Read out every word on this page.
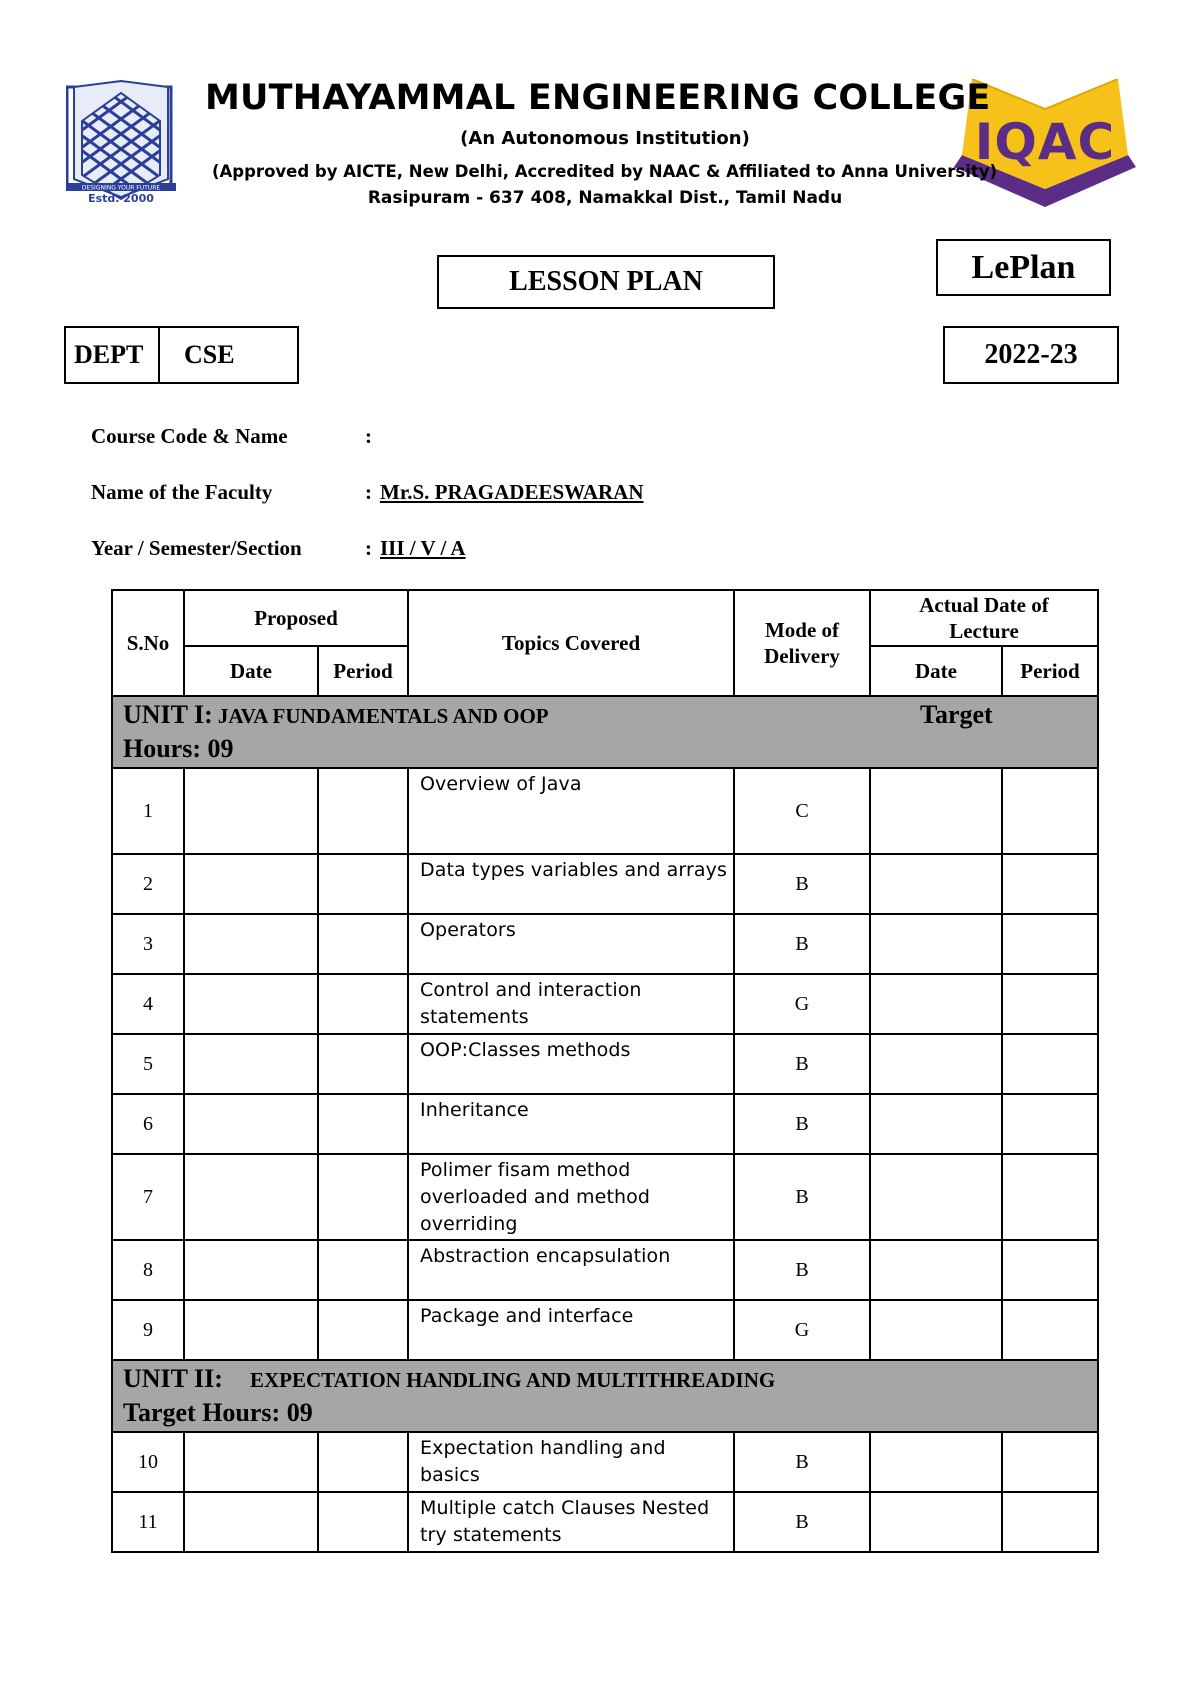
DESIGNING YOUR FUTURE
Estd. 2000
IQAC
MUTHAYAMMAL ENGINEERING COLLEGE
(An Autonomous Institution)
(Approved by AICTE, New Delhi, Accredited by NAAC & Affiliated to Anna University)
Rasipuram - 637 408, Namakkal Dist., Tamil Nadu
LESSON PLAN	LePlan
DEPT	CSE	2022-23
Course Code & Name	:
Name of the Faculty	: Mr.S. PRAGADEESWARAN
Year / Semester/Section	: III / V / A
S.No	Proposed		Topics Covered	Mode of Delivery	Actual Date of Lecture	
	Date	Period			Date	Period
UNIT I: JAVA FUNDAMENTALS AND OOP Target

Hours: 09						
1			Overview of Java	C		
2			Data types variables and arrays	B		
3			Operators	B		
4			Control and interaction statements	G		
5			OOP:Classes methods	B		
6			Inheritance	B		
7			Polimer fisam method overloaded and method overriding	B		
8			Abstraction encapsulation	B		
9			Package and interface	G		
UNIT II: EXPECTATION HANDLING AND MULTITHREADING
Target Hours: 09						
10			Expectation handling and basics	B		
11			Multiple catch Clauses Nested try statements	B		
